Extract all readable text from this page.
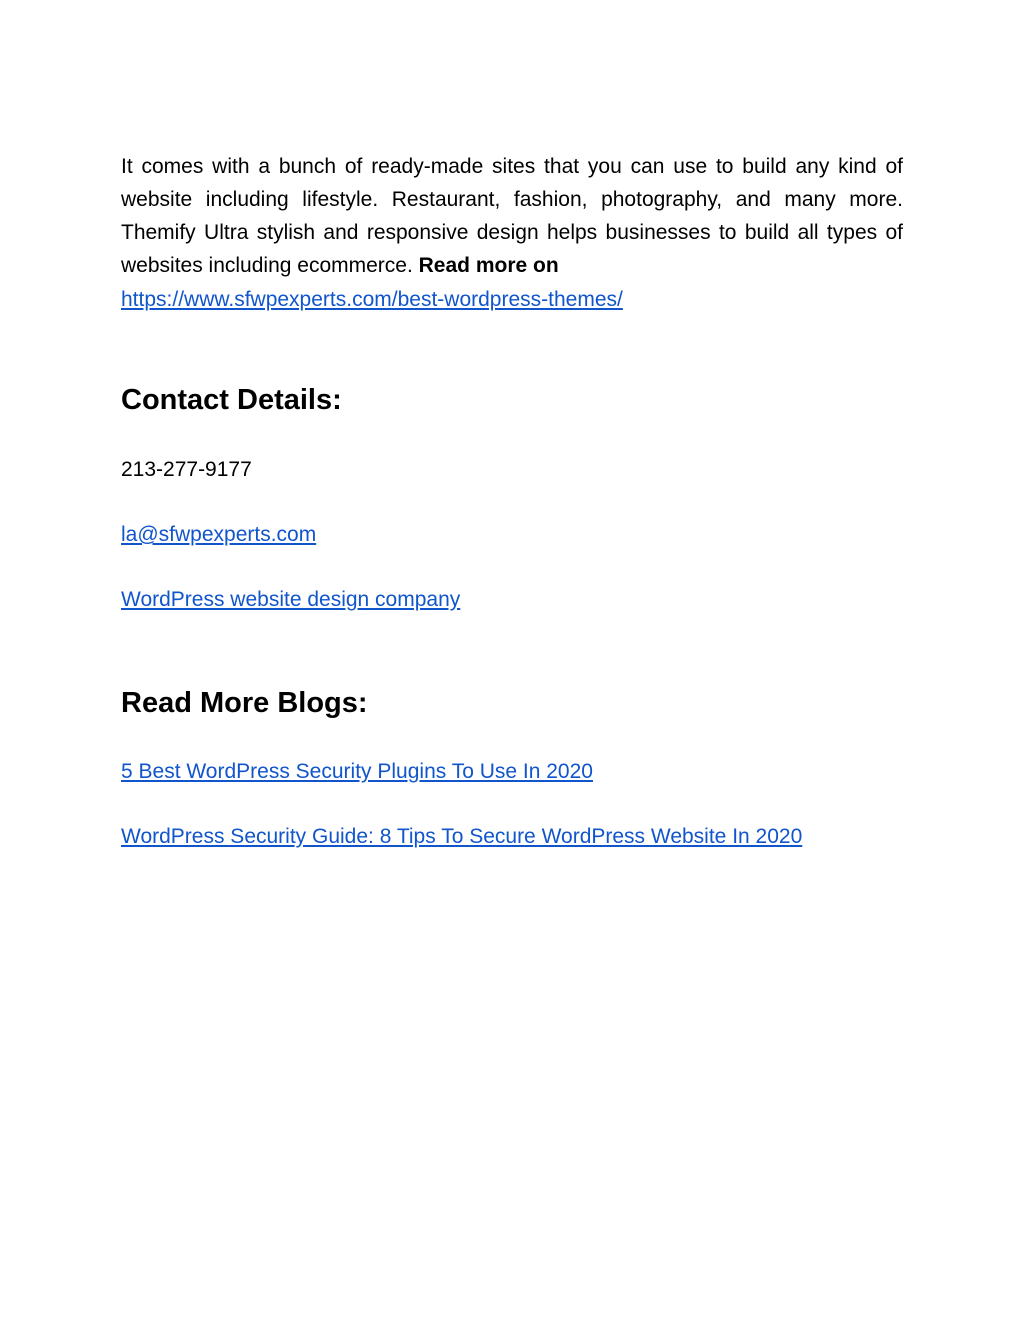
It comes with a bunch of ready-made sites that you can use to build any kind of website including lifestyle. Restaurant, fashion, photography, and many more. Themify Ultra stylish and responsive design helps businesses to build all types of websites including ecommerce. Read more on

https://www.sfwpexperts.com/best-wordpress-themes/
Contact Details:
213-277-9177
la@sfwpexperts.com
WordPress website design company
Read More Blogs:
5 Best WordPress Security Plugins To Use In 2020
WordPress Security Guide: 8 Tips To Secure WordPress Website In 2020
